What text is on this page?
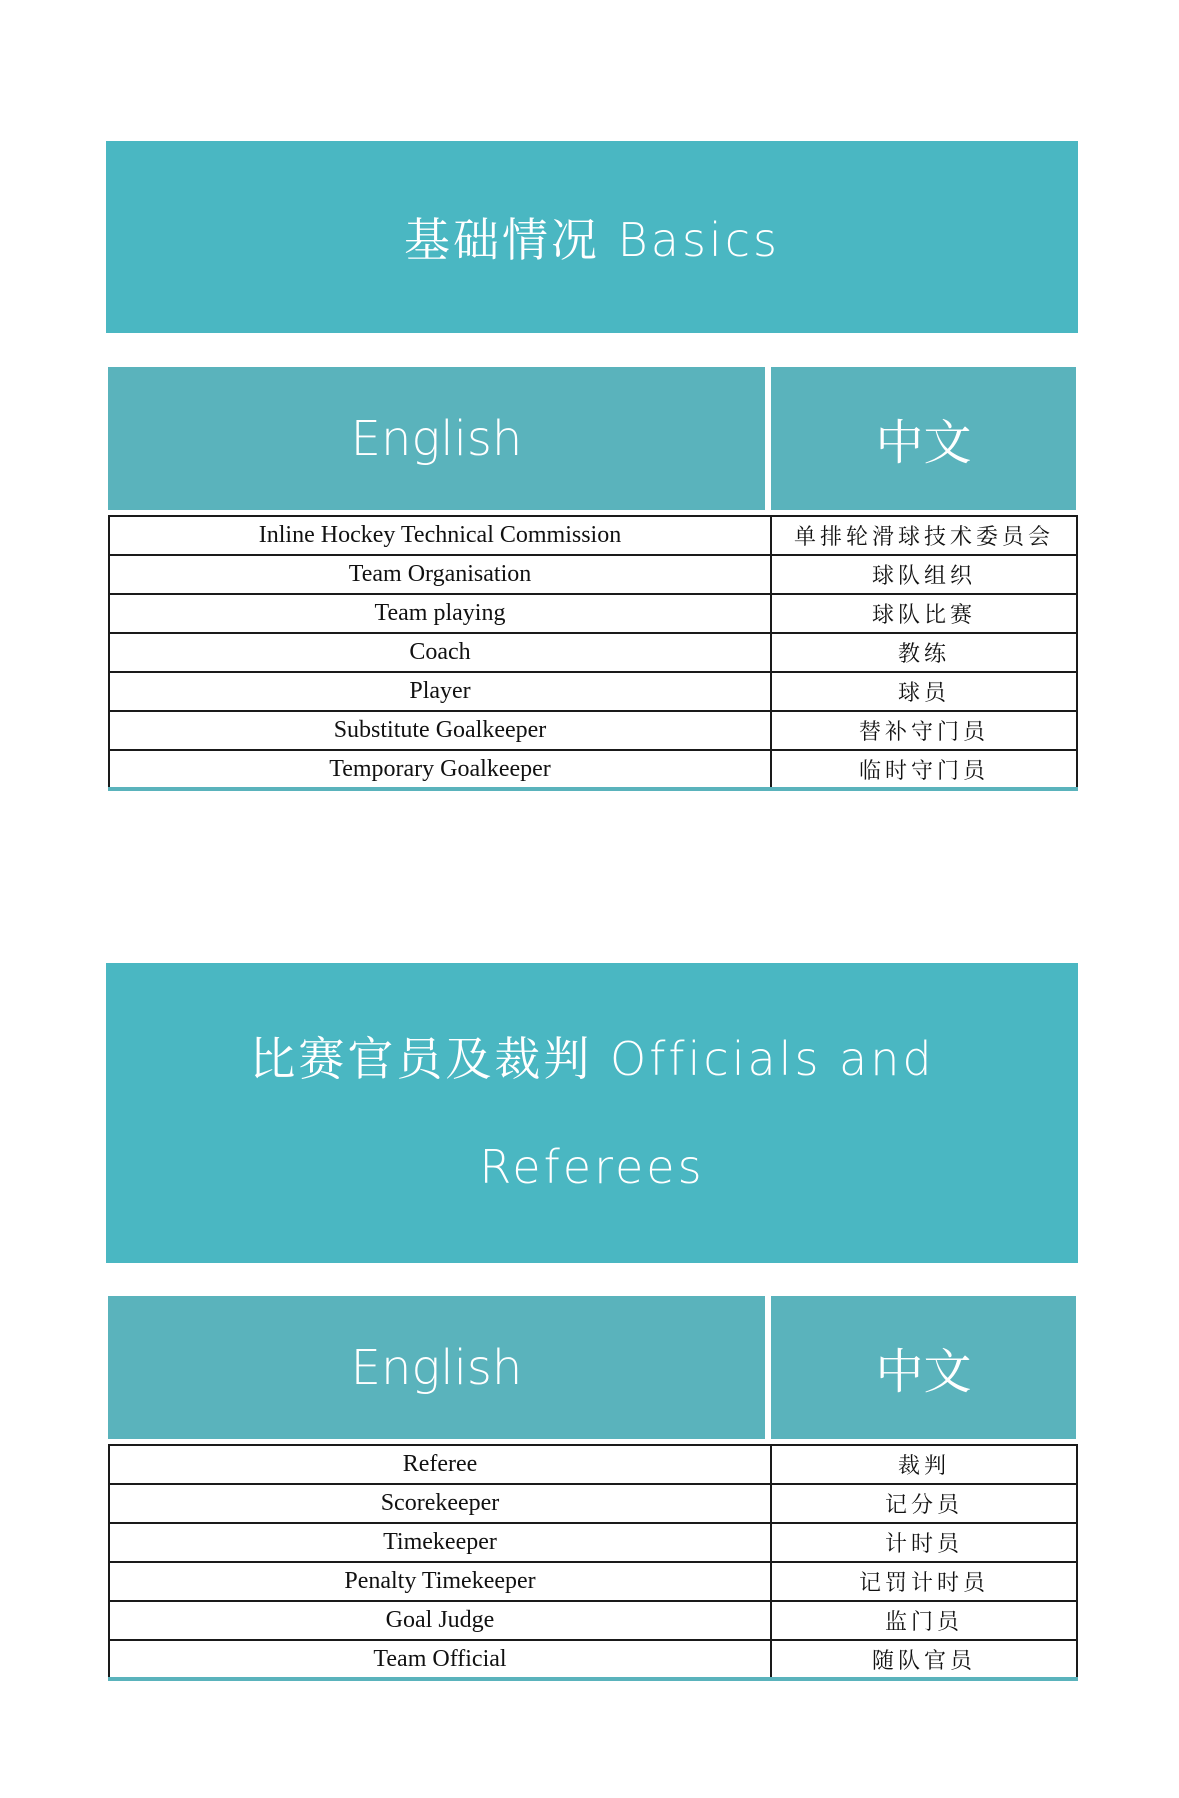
基础情况 Basics
English	中文
Inline Hockey Technical Commission	单排轮滑球技术委员会
Team Organisation	球队组织
Team playing	球队比赛
Coach	教练
Player	球员
Substitute Goalkeeper	替补守门员
Temporary Goalkeeper	临时守门员
比赛官员及裁判 Officials and Referees
English	中文
Referee	裁判
Scorekeeper	记分员
Timekeeper	计时员
Penalty Timekeeper	记罚计时员
Goal Judge	监门员
Team Official	随队官员
